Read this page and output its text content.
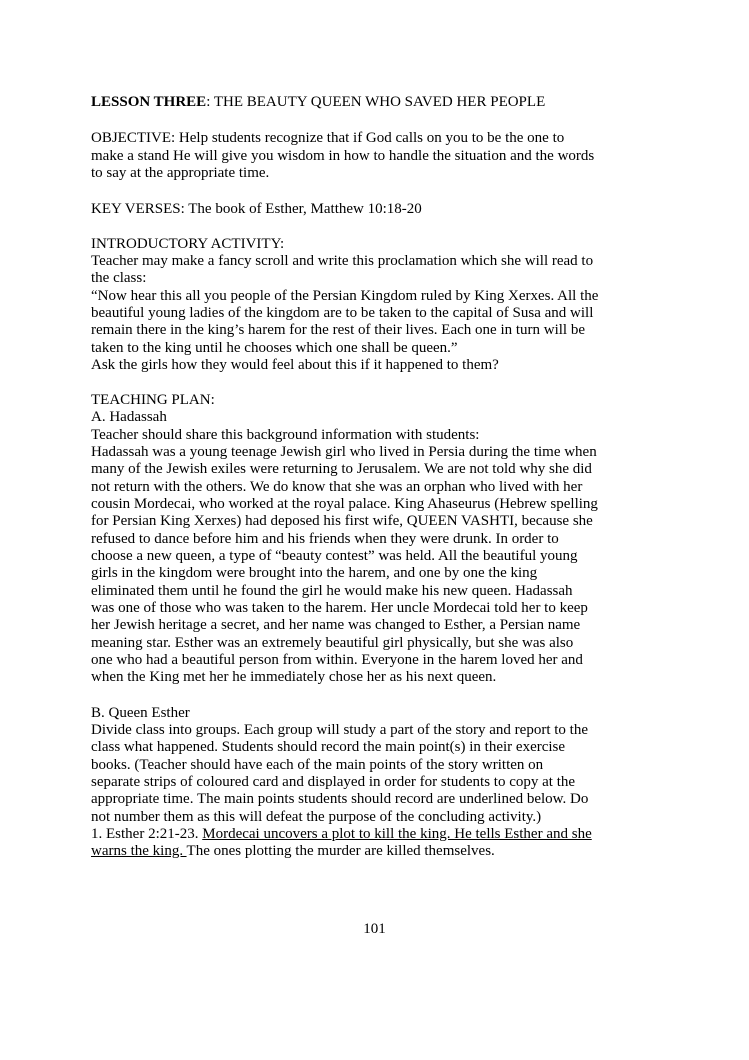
LESSON THREE: THE BEAUTY QUEEN WHO SAVED HER PEOPLE

OBJECTIVE: Help students recognize that if God calls on you to be the one to

make a stand He will give you wisdom in how to handle the situation and the words

to say at the appropriate time.

KEY VERSES: The book of Esther, Matthew 10:18-20

INTRODUCTORY ACTIVITY:

Teacher may make a fancy scroll and write this proclamation which she will read to

the class:

“Now hear this all you people of the Persian Kingdom ruled by King Xerxes. All the

beautiful young ladies of the kingdom are to be taken to the capital of Susa and will

remain there in the king’s harem for the rest of their lives. Each one in turn will be

taken to the king until he chooses which one shall be queen.”

Ask the girls how they would feel about this if it happened to them?

TEACHING PLAN:

A. Hadassah

Teacher should share this background information with students:

Hadassah was a young teenage Jewish girl who lived in Persia during the time when

many of the Jewish exiles were returning to Jerusalem. We are not told why she did

not return with the others. We do know that she was an orphan who lived with her

cousin Mordecai, who worked at the royal palace. King Ahaseurus (Hebrew spelling

for Persian King Xerxes) had deposed his first wife, QUEEN VASHTI, because she

refused to dance before him and his friends when they were drunk. In order to

choose a new queen, a type of “beauty contest” was held. All the beautiful young

girls in the kingdom were brought into the harem, and one by one the king

eliminated them until he found the girl he would make his new queen. Hadassah

was one of those who was taken to the harem. Her uncle Mordecai told her to keep

her Jewish heritage a secret, and her name was changed to Esther, a Persian name

meaning star. Esther was an extremely beautiful girl physically, but she was also

one who had a beautiful person from within. Everyone in the harem loved her and

when the King met her he immediately chose her as his next queen.

B. Queen Esther

Divide class into groups. Each group will study a part of the story and report to the

class what happened. Students should record the main point(s) in their exercise

books. (Teacher should have each of the main points of the story written on

separate strips of coloured card and displayed in order for students to copy at the

appropriate time. The main points students should record are underlined below. Do

not number them as this will defeat the purpose of the concluding activity.)

1. Esther 2:21-23. Mordecai uncovers a plot to kill the king. He tells Esther and she

warns the king. The ones plotting the murder are killed themselves.

101
